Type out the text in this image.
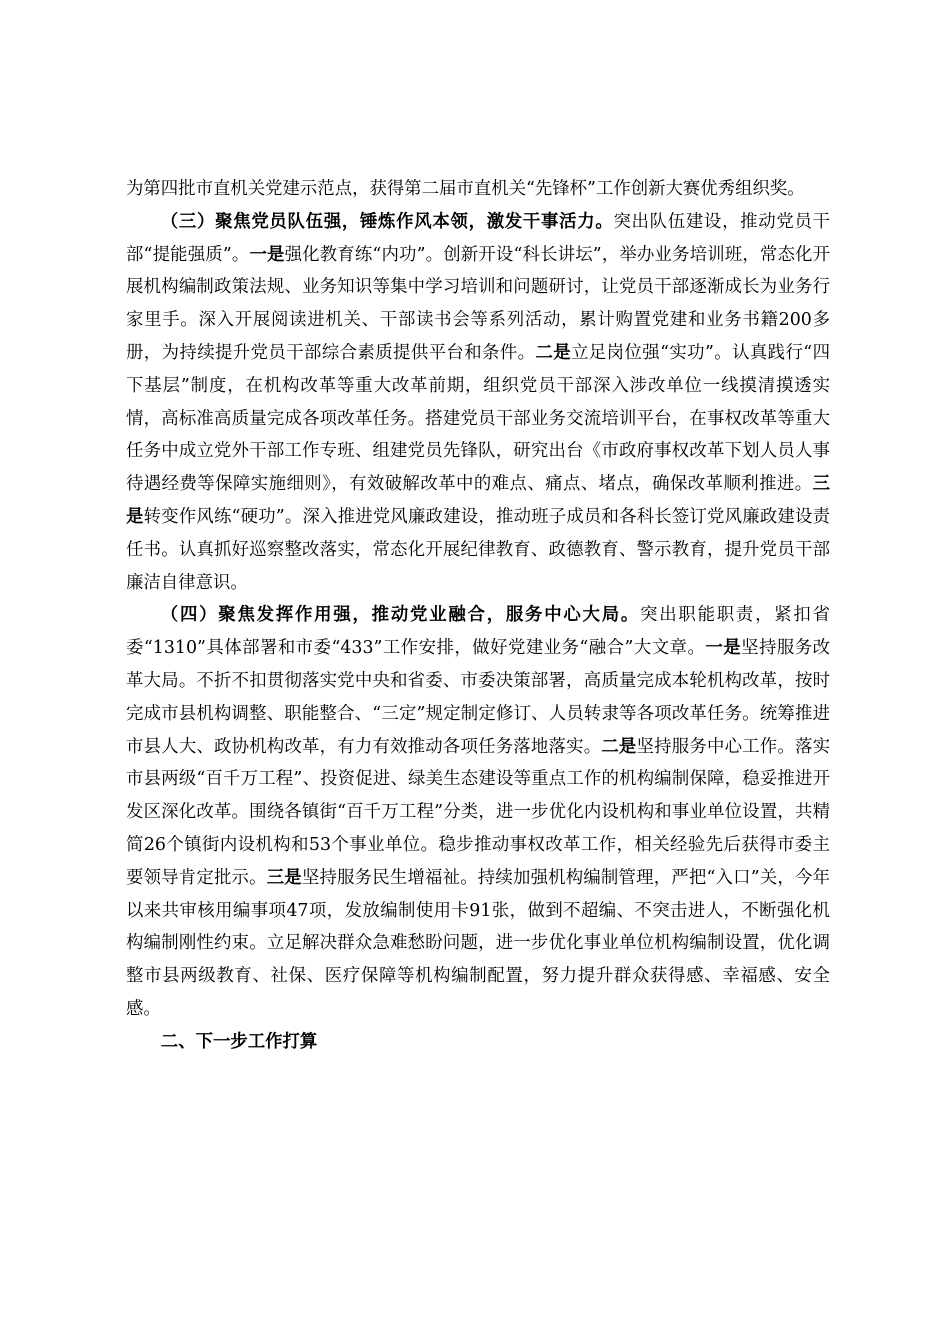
为第四批市直机关党建示范点，获得第二届市直机关“先锋杯”工作创新大赛优秀组织奖。

（三）聚焦党员队伍强，锤炼作风本领，激发干事活力。突出队伍建设，推动党员干部“提能强质”。一是强化教育练“内功”。创新开设“科长讲坛”，举办业务培训班，常态化开展机构编制政策法规、业务知识等集中学习培训和问题研讨，让党员干部逐渐成长为业务行家里手。深入开展阅读进机关、干部读书会等系列活动，累计购置党建和业务书籍200多册，为持续提升党员干部综合素质提供平台和条件。二是立足岗位强“实功”。认真践行“四下基层”制度，在机构改革等重大改革前期，组织党员干部深入涉改单位一线摸清摸透实情，高标准高质量完成各项改革任务。搭建党员干部业务交流培训平台，在事权改革等重大任务中成立党外干部工作专班、组建党员先锋队，研究出台《市政府事权改革下划人员人事待遇经费等保障实施细则》，有效破解改革中的难点、痛点、堵点，确保改革顺利推进。三是转变作风练“硬功”。深入推进党风廉政建设，推动班子成员和各科长签订党风廉政建设责任书。认真抓好巡察整改落实，常态化开展纪律教育、政德教育、警示教育，提升党员干部廉洁自律意识。

（四）聚焦发挥作用强，推动党业融合，服务中心大局。突出职能职责，紧扣省委“1310”具体部署和市委“433”工作安排，做好党建业务“融合”大文章。一是坚持服务改革大局。不折不扣贯彻落实党中央和省委、市委决策部署，高质量完成本轮机构改革，按时完成市县机构调整、职能整合、“三定”规定制定修订、人员转隶等各项改革任务。统筹推进市县人大、政协机构改革，有力有效推动各项任务落地落实。二是坚持服务中心工作。落实市县两级“百千万工程”、投资促进、绿美生态建设等重点工作的机构编制保障，稳妥推进开发区深化改革。围绕各镇街“百千万工程”分类，进一步优化内设机构和事业单位设置，共精简26个镇街内设机构和53个事业单位。稳步推动事权改革工作，相关经验先后获得市委主要领导肯定批示。三是坚持服务民生增福祉。持续加强机构编制管理，严把“入口”关，今年以来共审核用编事项47项，发放编制使用卡91张，做到不超编、不突击进人，不断强化机构编制刚性约束。立足解决群众急难愁盼问题，进一步优化事业单位机构编制设置，优化调整市县两级教育、社保、医疗保障等机构编制配置，努力提升群众获得感、幸福感、安全感。

二、下一步工作打算
